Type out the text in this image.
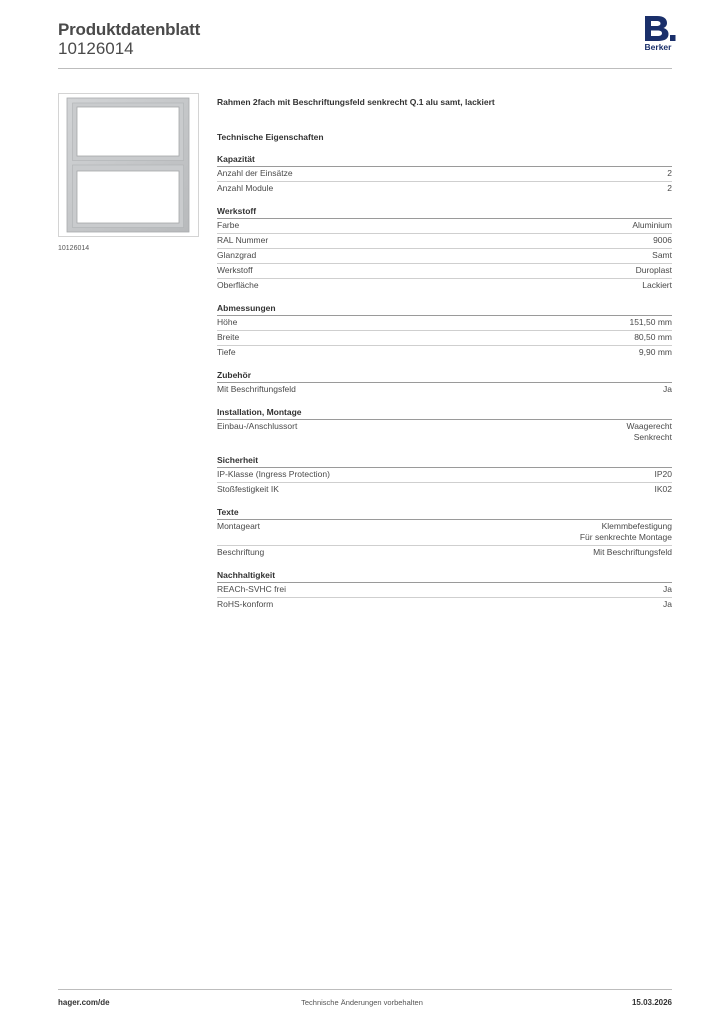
Produktdatenblatt
10126014	Berker
10126014
Rahmen 2fach mit Beschriftungsfeld senkrecht Q.1 alu samt, lackiert
Technische Eigenschaften
Kapazität
Anzahl der Einsätze	2
Anzahl Module	2
Werkstoff
Farbe	Aluminium
RAL Nummer	9006
Glanzgrad	Samt
Werkstoff	Duroplast
Oberfläche	Lackiert
Abmessungen
Höhe	151,50 mm
Breite	80,50 mm
Tiefe	9,90 mm
Zubehör
Mit Beschriftungsfeld	Ja
Installation, Montage
Einbau-/Anschlussort	Waagerecht
Senkrecht
Sicherheit
IP-Klasse (Ingress Protection)	IP20
Stoßfestigkeit IK	IK02
Texte
Montageart	Klemmbefestigung
Für senkrechte Montage
Beschriftung	Mit Beschriftungsfeld
Nachhaltigkeit
REACh-SVHC frei	Ja
RoHS-konform	Ja
hager.com/de	Technische Änderungen vorbehalten	15.03.2026
